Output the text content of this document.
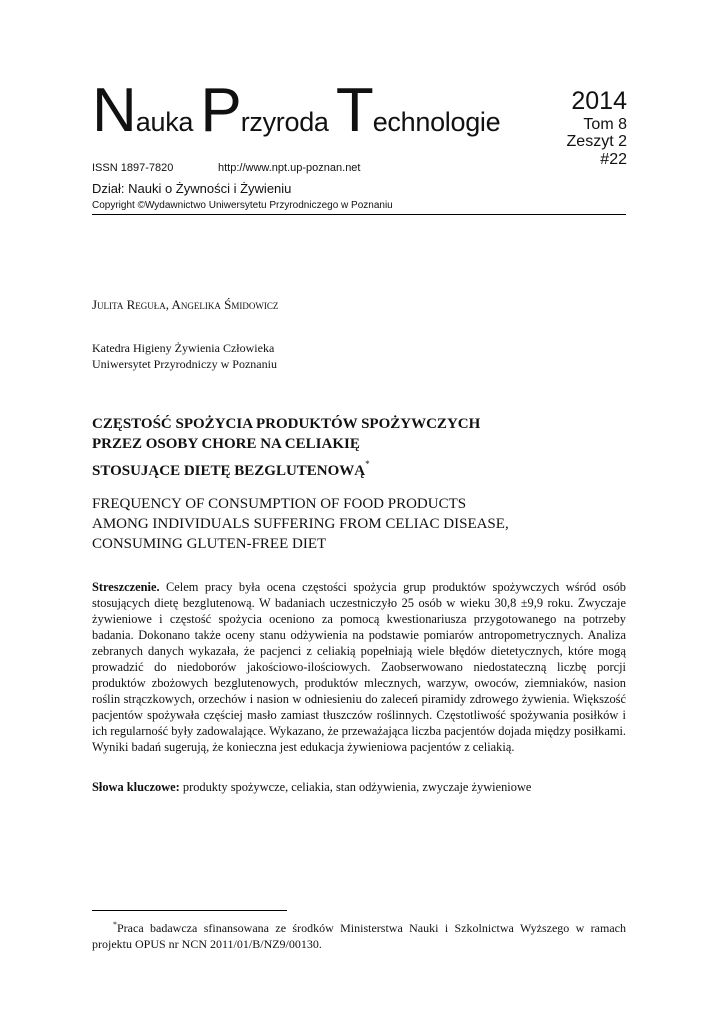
Nauka Przyroda Technologie
2014
Tom 8
Zeszyt 2
#22
ISSN 1897-7820	http://www.npt.up-poznan.net
Dział: Nauki o Żywności i Żywieniu
Copyright ©Wydawnictwo Uniwersytetu Przyrodniczego w Poznaniu
Julita Reguła, Angelika Śmidowicz
Katedra Higieny Żywienia Człowieka
Uniwersytet Przyrodniczy w Poznaniu
CZĘSTOŚĆ SPOŻYCIA PRODUKTÓW SPOŻYWCZYCH
PRZEZ OSOBY CHORE NA CELIAKIĘ
STOSUJĄCE DIETĘ BEZGLUTENOWĄ*
FREQUENCY OF CONSUMPTION OF FOOD PRODUCTS
AMONG INDIVIDUALS SUFFERING FROM CELIAC DISEASE,
CONSUMING GLUTEN-FREE DIET
Streszczenie. Celem pracy była ocena częstości spożycia grup produktów spożywczych wśród osób stosujących dietę bezglutenową. W badaniach uczestniczyło 25 osób w wieku 30,8 ±9,9 roku. Zwyczaje żywieniowe i częstość spożycia oceniono za pomocą kwestionariusza przygotowanego na potrzeby badania. Dokonano także oceny stanu odżywienia na podstawie pomiarów antropometrycznych. Analiza zebranych danych wykazała, że pacjenci z celiakią popełniają wiele błędów dietetycznych, które mogą prowadzić do niedoborów jakościowo-ilościowych. Zaobserwowano niedostateczną liczbę porcji produktów zbożowych bezglutenowych, produktów mlecznych, warzyw, owoców, ziemniaków, nasion roślin strączkowych, orzechów i nasion w odniesieniu do zaleceń piramidy zdrowego żywienia. Większość pacjentów spożywała częściej masło zamiast tłuszczów roślinnych. Częstotliwość spożywania posiłków i ich regularność były zadowalające. Wykazano, że przeważająca liczba pacjentów dojada między posiłkami. Wyniki badań sugerują, że konieczna jest edukacja żywieniowa pacjentów z celiakią.
Słowa kluczowe: produkty spożywcze, celiakia, stan odżywienia, zwyczaje żywieniowe
*Praca badawcza sfinansowana ze środków Ministerstwa Nauki i Szkolnictwa Wyższego w ramach projektu OPUS nr NCN 2011/01/B/NZ9/00130.
